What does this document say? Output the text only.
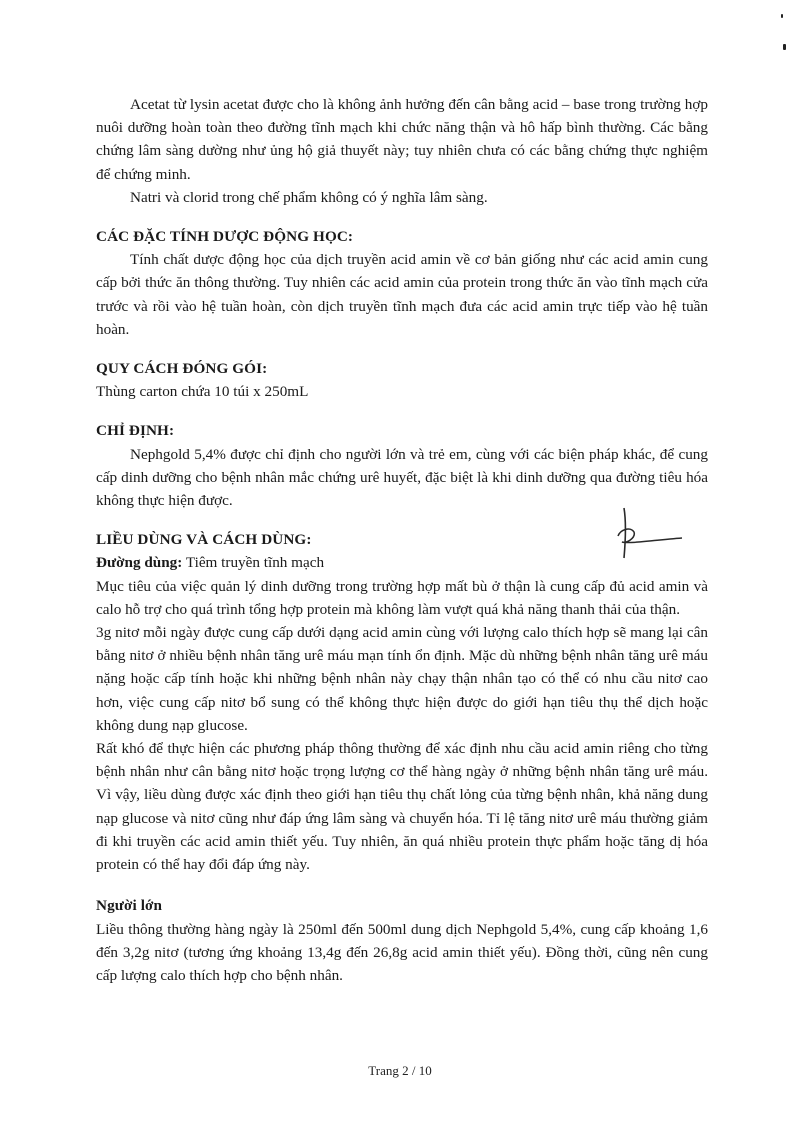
Acetat từ lysin acetat được cho là không ảnh hưởng đến cân bằng acid – base trong trường hợp nuôi dưỡng hoàn toàn theo đường tĩnh mạch khi chức năng thận và hô hấp bình thường. Các bằng chứng lâm sàng dường như ủng hộ giả thuyết này; tuy nhiên chưa có các bằng chứng thực nghiệm để chứng minh.

Natri và clorid trong chế phẩm không có ý nghĩa lâm sàng.

CÁC ĐẶC TÍNH DƯỢC ĐỘNG HỌC:

Tính chất dược động học của dịch truyền acid amin về cơ bản giống như các acid amin cung cấp bởi thức ăn thông thường. Tuy nhiên các acid amin của protein trong thức ăn vào tĩnh mạch cửa trước và rồi vào hệ tuần hoàn, còn dịch truyền tĩnh mạch đưa các acid amin trực tiếp vào hệ tuần hoàn.

QUY CÁCH ĐÓNG GÓI:

Thùng carton chứa 10 túi x 250mL

CHỈ ĐỊNH:

Nephgold 5,4% được chỉ định cho người lớn và trẻ em, cùng với các biện pháp khác, để cung cấp dinh dưỡng cho bệnh nhân mắc chứng urê huyết, đặc biệt là khi dinh dưỡng qua đường tiêu hóa không thực hiện được.

LIỀU DÙNG VÀ CÁCH DÙNG:

Đường dùng: Tiêm truyền tĩnh mạch

Mục tiêu của việc quản lý dinh dưỡng trong trường hợp mất bù ở thận là cung cấp đủ acid amin và calo hỗ trợ cho quá trình tổng hợp protein mà không làm vượt quá khả năng thanh thải của thận.

3g nitơ mỗi ngày được cung cấp dưới dạng acid amin cùng với lượng calo thích hợp sẽ mang lại cân bằng nitơ ở nhiều bệnh nhân tăng urê máu mạn tính ổn định. Mặc dù những bệnh nhân tăng urê máu nặng hoặc cấp tính hoặc khi những bệnh nhân này chạy thận nhân tạo có thể có nhu cầu nitơ cao hơn, việc cung cấp nitơ bổ sung có thể không thực hiện được do giới hạn tiêu thụ thể dịch hoặc không dung nạp glucose.

Rất khó để thực hiện các phương pháp thông thường để xác định nhu cầu acid amin riêng cho từng bệnh nhân như cân bằng nitơ hoặc trọng lượng cơ thể hàng ngày ở những bệnh nhân tăng urê máu. Vì vậy, liều dùng được xác định theo giới hạn tiêu thụ chất lỏng của từng bệnh nhân, khả năng dung nạp glucose và nitơ cũng như đáp ứng lâm sàng và chuyển hóa. Tỉ lệ tăng nitơ urê máu thường giảm đi khi truyền các acid amin thiết yếu. Tuy nhiên, ăn quá nhiều protein thực phẩm hoặc tăng dị hóa protein có thể hay đổi đáp ứng này.

Người lớn

Liều thông thường hàng ngày là 250ml đến 500ml dung dịch Nephgold 5,4%, cung cấp khoảng 1,6 đến 3,2g nitơ (tương ứng khoảng 13,4g đến 26,8g acid amin thiết yếu). Đồng thời, cũng nên cung cấp lượng calo thích hợp cho bệnh nhân.

Trang 2 / 10
